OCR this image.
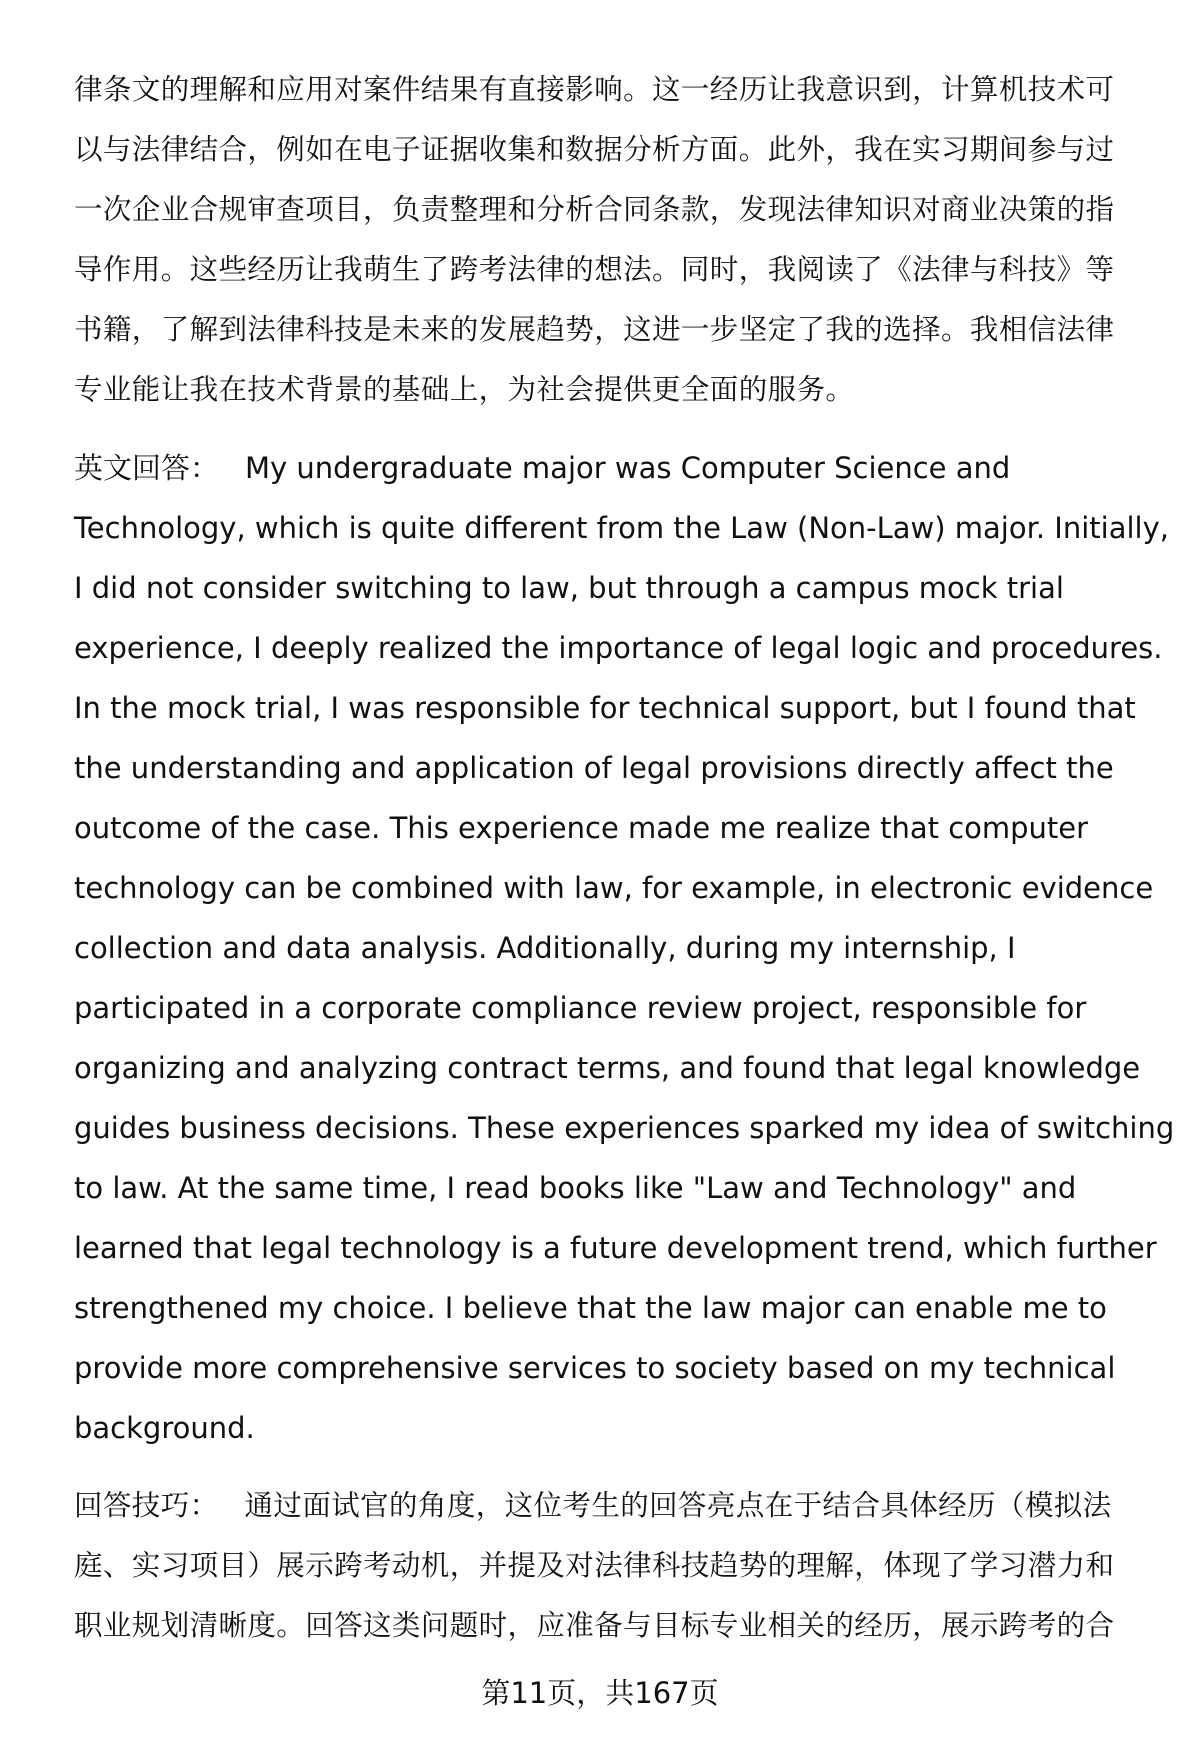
律条文的理解和应用对案件结果有直接影响。这一经历让我意识到，计算机技术可
以与法律结合，例如在电子证据收集和数据分析方面。此外，我在实习期间参与过
一次企业合规审查项目，负责整理和分析合同条款，发现法律知识对商业决策的指
导作用。这些经历让我萌生了跨考法律的想法。同时，我阅读了《法律与科技》等
书籍，了解到法律科技是未来的发展趋势，这进一步坚定了我的选择。我相信法律
专业能让我在技术背景的基础上，为社会提供更全面的服务。

英文回答： My undergraduate major was Computer Science and
Technology, which is quite different from the Law (Non-Law) major. Initially,
I did not consider switching to law, but through a campus mock trial
experience, I deeply realized the importance of legal logic and procedures.
In the mock trial, I was responsible for technical support, but I found that
the understanding and application of legal provisions directly affect the
outcome of the case. This experience made me realize that computer
technology can be combined with law, for example, in electronic evidence
collection and data analysis. Additionally, during my internship, I
participated in a corporate compliance review project, responsible for
organizing and analyzing contract terms, and found that legal knowledge
guides business decisions. These experiences sparked my idea of switching
to law. At the same time, I read books like "Law and Technology" and
learned that legal technology is a future development trend, which further
strengthened my choice. I believe that the law major can enable me to
provide more comprehensive services to society based on my technical
background.

回答技巧： 通过面试官的角度，这位考生的回答亮点在于结合具体经历（模拟法
庭、实习项目）展示跨考动机，并提及对法律科技趋势的理解，体现了学习潜力和
职业规划清晰度。回答这类问题时，应准备与目标专业相关的经历，展示跨考的合

第11页，共167页
